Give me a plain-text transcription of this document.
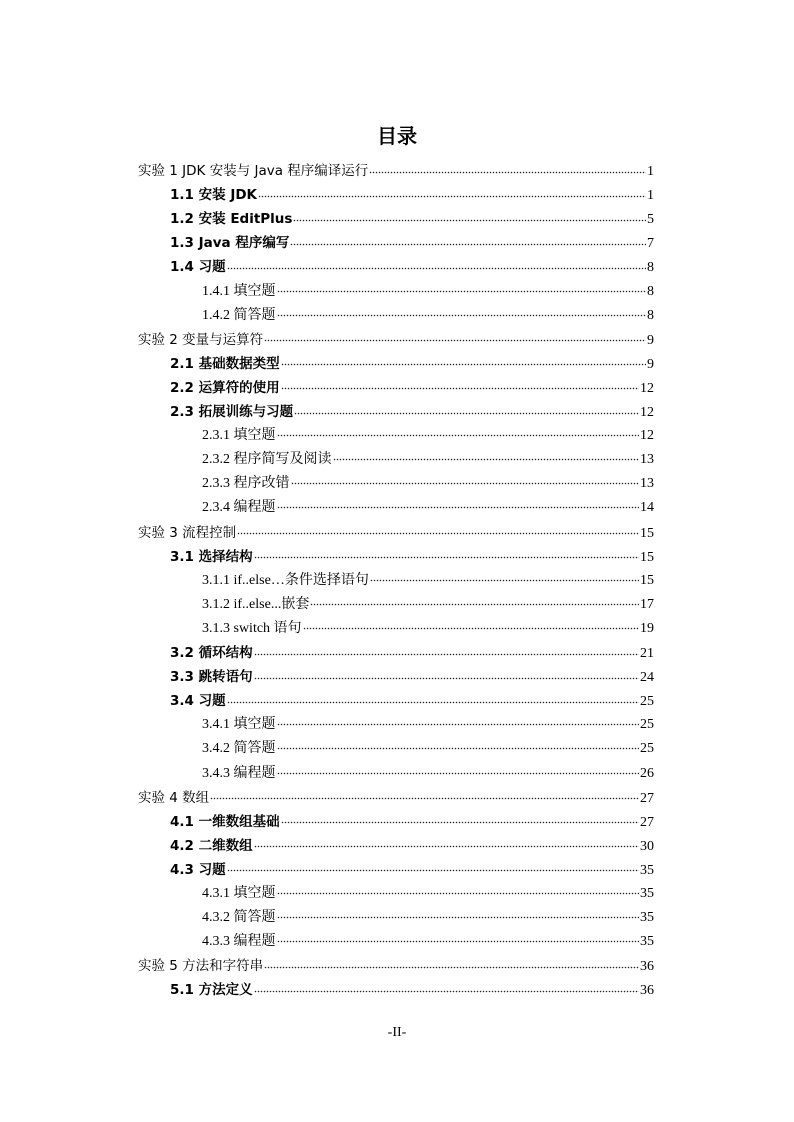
目录
实验 1 JDK 安装与 Java 程序编译运行	1
1.1 安装 JDK	1
1.2 安装 EditPlus	5
1.3 Java 程序编写	7
1.4 习题	8
1.4.1 填空题	8
1.4.2 简答题	8
实验 2 变量与运算符	9
2.1 基础数据类型	9
2.2 运算符的使用	12
2.3 拓展训练与习题	12
2.3.1 填空题	12
2.3.2 程序简写及阅读	13
2.3.3 程序改错	13
2.3.4 编程题	14
实验 3 流程控制	15
3.1 选择结构	15
3.1.1 if..else…条件选择语句	15
3.1.2 if..else...嵌套	17
3.1.3 switch 语句	19
3.2 循环结构	21
3.3 跳转语句	24
3.4 习题	25
3.4.1 填空题	25
3.4.2 简答题	25
3.4.3 编程题	26
实验 4 数组	27
4.1 一维数组基础	27
4.2 二维数组	30
4.3 习题	35
4.3.1 填空题	35
4.3.2 简答题	35
4.3.3 编程题	35
实验 5 方法和字符串	36
5.1 方法定义	36
-II-
